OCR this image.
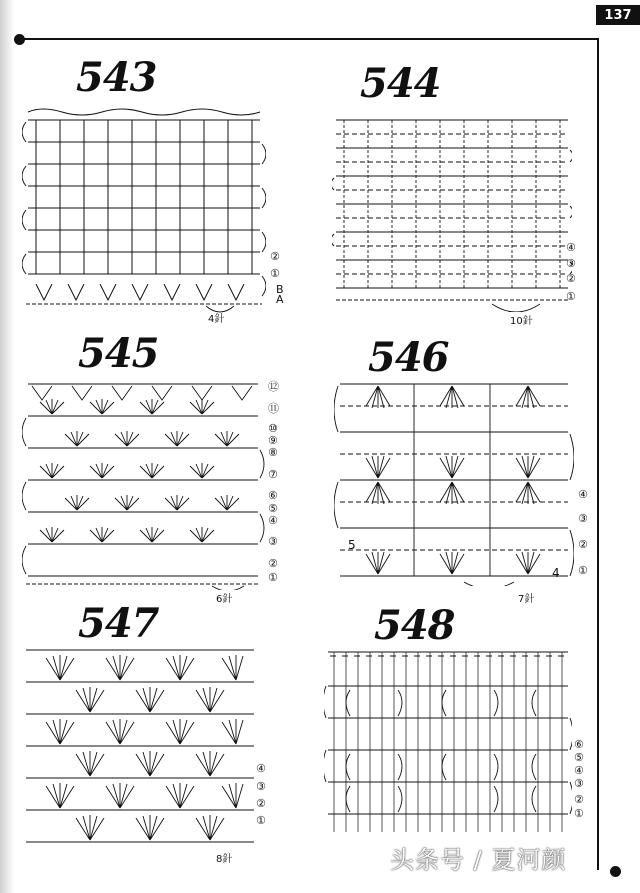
137
543
②
①
B
A
4針
544
④
③
②
①
10針
545
⑫
⑪
⑩
⑨
⑧
⑦
⑥
⑤
④
③
②
①
6針
546
5
4
④
③
②
①
7針
547
④
③
②
①
8針
548
⑥
⑤
④
③
②
①
头条号 / 夏河颜
